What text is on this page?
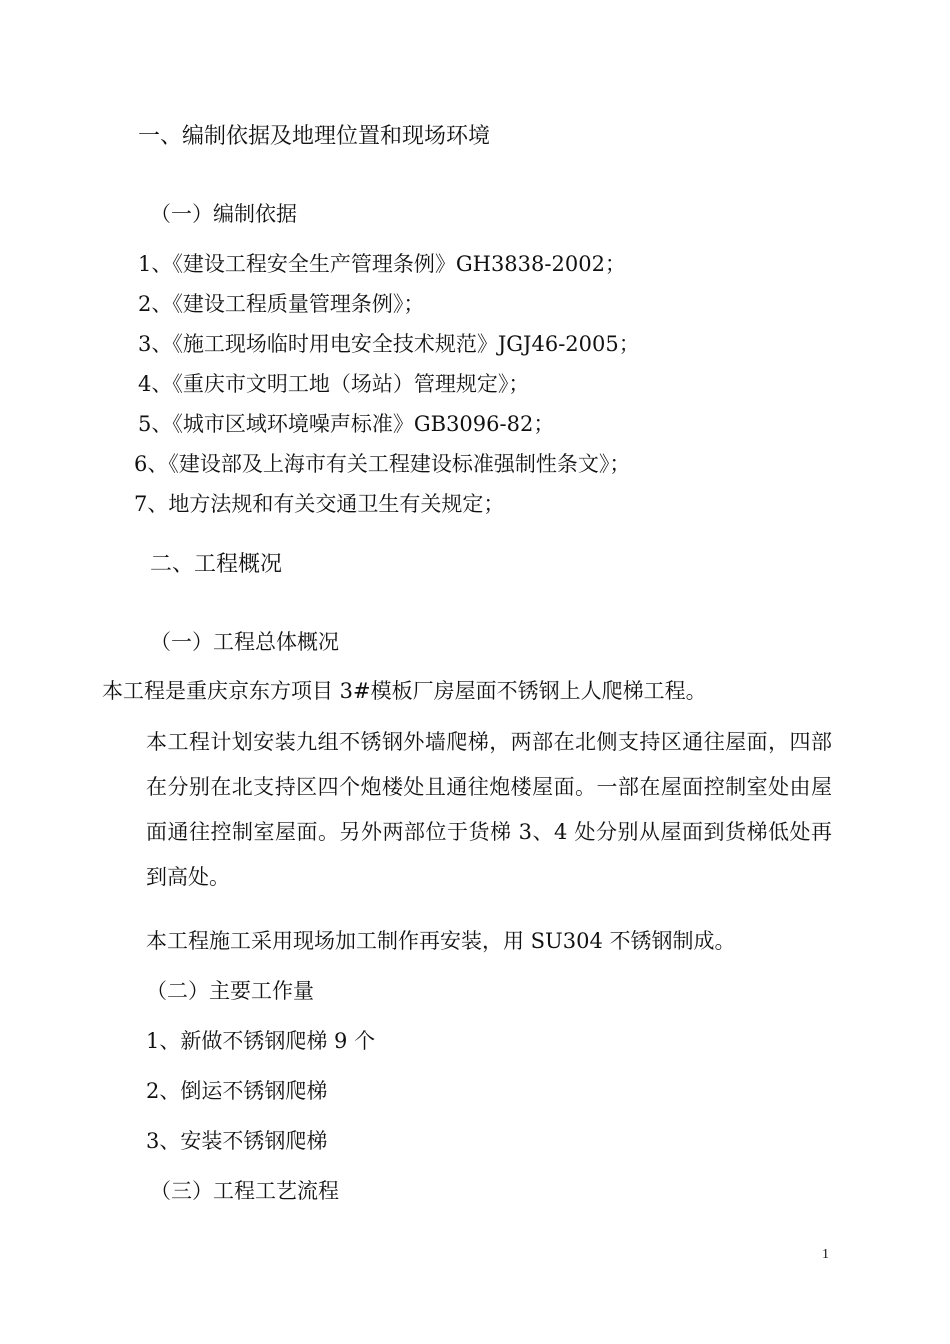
一、编制依据及地理位置和现场环境
（一）编制依据
1、《建设工程安全生产管理条例》GH3838-2002；
2、《建设工程质量管理条例》；
3、《施工现场临时用电安全技术规范》JGJ46-2005；
4、《重庆市文明工地（场站）管理规定》；
5、《城市区域环境噪声标准》GB3096-82；
6、《建设部及上海市有关工程建设标准强制性条文》；
7、地方法规和有关交通卫生有关规定；
二、工程概况
（一）工程总体概况
本工程是重庆京东方项目 3#模板厂房屋面不锈钢上人爬梯工程。
本工程计划安装九组不锈钢外墙爬梯，两部在北侧支持区通往屋面，四部在分别在北支持区四个炮楼处且通往炮楼屋面。一部在屋面控制室处由屋面通往控制室屋面。另外两部位于货梯 3、4 处分别从屋面到货梯低处再到高处。
本工程施工采用现场加工制作再安装，用 SU304 不锈钢制成。
（二）主要工作量
1、新做不锈钢爬梯 9 个
2、倒运不锈钢爬梯
3、安装不锈钢爬梯
（三）工程工艺流程
1
